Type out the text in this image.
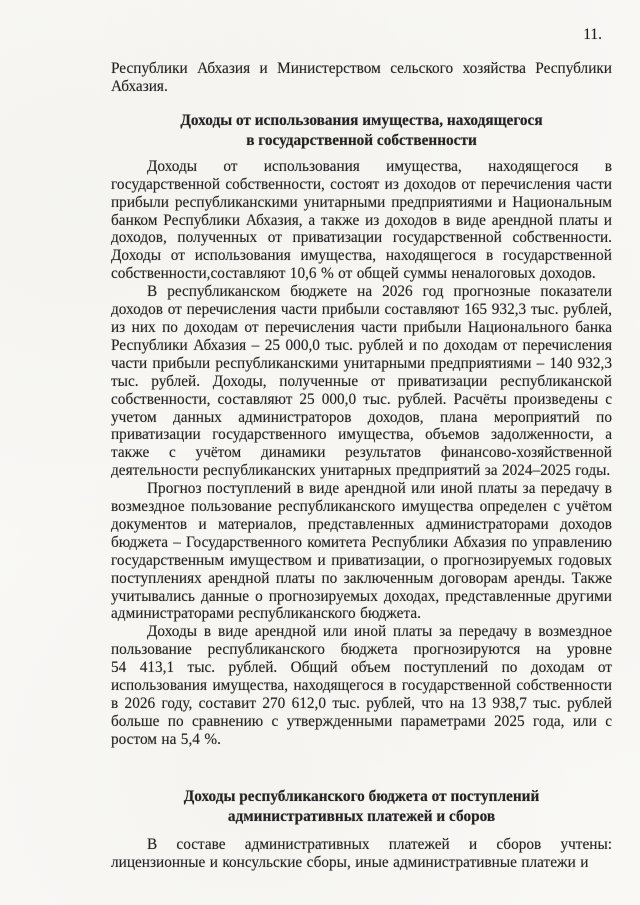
11.

Республики Абхазия и Министерством сельского хозяйства Республики Абхазия.

Доходы от использования имущества, находящегося
в государственной собственности

Доходы от использования имущества, находящегося в государственной собственности, состоят из доходов от перечисления части прибыли республиканскими унитарными предприятиями и Национальным банком Республики Абхазия, а также из доходов в виде арендной платы и доходов, полученных от приватизации государственной собственности. Доходы от использования имущества, находящегося в государственной собственности,составляют 10,6 % от общей суммы неналоговых доходов.

В республиканском бюджете на 2026 год прогнозные показатели доходов от перечисления части прибыли составляют 165 932,3 тыс. рублей, из них по доходам от перечисления части прибыли Национального банка Республики Абхазия – 25 000,0 тыс. рублей и по доходам от перечисления части прибыли республиканскими унитарными предприятиями – 140 932,3 тыс. рублей. Доходы, полученные от приватизации республиканской собственности, составляют 25 000,0 тыс. рублей. Расчёты произведены с учетом данных администраторов доходов, плана мероприятий по приватизации государственного имущества, объемов задолженности, а также с учётом динамики результатов финансово-хозяйственной деятельности республиканских унитарных предприятий за 2024–2025 годы.

Прогноз поступлений в виде арендной или иной платы за передачу в возмездное пользование республиканского имущества определен с учётом документов и материалов, представленных администраторами доходов бюджета – Государственного комитета Республики Абхазия по управлению государственным имуществом и приватизации, о прогнозируемых годовых поступлениях арендной платы по заключенным договорам аренды. Также учитывались данные о прогнозируемых доходах, представленные другими администраторами республиканского бюджета.

Доходы в виде арендной или иной платы за передачу в возмездное пользование республиканского бюджета прогнозируются на уровне 54 413,1 тыс. рублей. Общий объем поступлений по доходам от использования имущества, находящегося в государственной собственности в 2026 году, составит 270 612,0 тыс. рублей, что на 13 938,7 тыс. рублей больше по сравнению с утвержденными параметрами 2025 года, или с ростом на 5,4 %.

Доходы республиканского бюджета от поступлений
административных платежей и сборов

В составе административных платежей и сборов учтены: лицензионные и консульские сборы, иные административные платежи и
